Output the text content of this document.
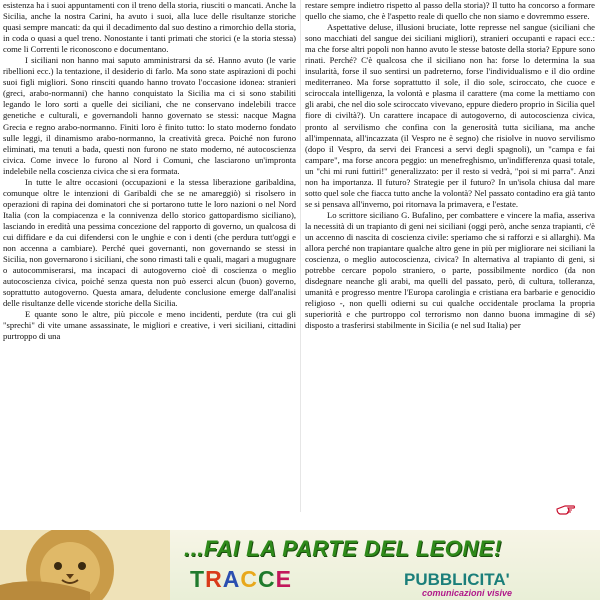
esistenza ha i suoi appuntamenti con il treno della storia, riusciti o mancati. Anche la Sicilia, anche la nostra Carini, ha avuto i suoi, alla luce delle risultanze storiche quasi sempre mancati: da qui il decadimento dal suo destino a rimorchio della storia, in coda o quasi a quel treno. Nonostante i tanti primati che storici (e la storia stessa) come li Correnti le riconoscono e documentano.

I siciliani non hanno mai saputo amministrarsi da sé. Hanno avuto (le varie ribellioni ecc.) la tentazione, il desiderio di farlo. Ma sono state aspirazioni di pochi suoi figli migliori. Sono rinsciti quando hanno trovato l'occasione idonea: stranieri (greci, arabo-normanni) che hanno conquistato la Sicilia ma ci si sono stabiliti legando le loro sorti a quelle dei siciliani, che ne conservano indelebili tracce genetiche e culturali, e governandoli hanno governato se stessi: nacque Magna Grecia e regno arabo-normanno. Finiti loro è finito tutto: lo stato moderno fondato sulle leggi, il dinamismo arabo-normanno, la creatività greca. Poiché non furono eliminati, ma tenuti a bada, questi non furono ne stato moderno, né autocoscienza civica. Come invece lo furono al Nord i Comuni, che lasciarono un'impronta indelebile nella coscienza civica che si era formata.

In tutte le altre occasioni (occupazioni e la stessa liberazione garibaldina, comunque oltre le intenzioni di Garibaldi che se ne amareggiò) si risolsero in operazioni di rapina dei dominatori che si portarono tutte le loro nazioni o nel Nord Italia (con la compiacenza e la connivenza dello storico gattopardismo siciliano), lasciando in eredità una pessima concezione del rapporto di governo, un qualcosa di cui diffidare e da cui difendersi con le unghie e con i denti (che perdura tutt'oggi e non accenna a cambiare). Perché quei governanti, non governando se stessi in Sicilia, non governarono i siciliani, che sono rimasti tali e quali, magari a mugugnare o autocommiserarsi, ma incapaci di autogoverno cioè di coscienza o meglio autocoscienza civica, poiché senza questa non può esserci alcun (buon) governo, soprattutto autogoverno. Questa amara, deludente conclusione emerge dall'analisi delle risultanze delle vicende storiche della Sicilia.

E quante sono le altre, più piccole e meno incidenti, perdute (tra cui gli "sprechi" di vite umane assassinate, le migliori e creative, i veri siciliani, cittadini purtroppo di una

restare sempre indietro rispetto al passo della storia)? Il tutto ha concorso a formare quello che siamo, che è l'aspetto reale di quello che non siamo e dovremmo essere.

Aspettative deluse, illusioni bruciate, lotte represse nel sangue (siciliani che sono macchiati del sangue dei siciliani migliori), stranieri occupanti e rapaci ecc.: ma che forse altri popoli non hanno avuto le stesse batoste della storia? Eppure sono rinati. Perché? C'è qualcosa che il siciliano non ha: forse lo determina la sua insularità, forse il suo sentirsi un padreterno, forse l'individualismo e il dio ordine mediterraneo. Ma forse soprattutto il sole, il dio sole, sciroccato, che cuoce e sciroccala intelligenza, la volontà e plasma il carattere (ma come la mettiamo con gli arabi, che nel dio sole sciroccato vivevano, eppure diedero proprio in Sicilia quel fiore di civiltà?). Un carattere incapace di autogoverno, di autocoscienza civica, pronto al servilismo che confina con la generosità tutta siciliana, ma anche all'impennata, all'incazzata (il Vespro ne è segno) che risiolve in nuovo servilismo (dopo il Vespro, da servi dei Francesi a servi degli spagnoli), un "campa e fai campare", ma forse ancora peggio: un menefreghismo, un'indifferenza quasi totale, un "chi mi runi futtiri!" generalizzato: per il resto si vedrà, "poi si mi parra". Anzi non ha importanza. Il futuro? Strategie per il futuro? In un'isola chiusa dal mare sotto quel sole che fiacca tutto anche la volontà? Nel passato contadino era già tanto se si pensava all'inverno, poi ritornava la primavera, e l'estate.

Lo scrittore siciliano G. Bufalino, per combattere e vincere la mafia, asseriva la necessità di un trapianto di geni nei siciliani (oggi però, anche senza trapianti, c'è un accenno di nascita di coscienza civile: speriamo che si rafforzi e si allarghi). Ma allora perché non trapiantare qualche altro gene in più per migliorare nei siciliani la coscienza, o meglio autocoscienza, civica? In alternativa al trapianto di geni, si potrebbe cercare popolo straniero, o parte, possibilmente nordico (da non disdegnare neanche gli arabi, ma quelli del passato, però, di cultura, tolleranza, umanità e progresso mentre l'Europa carolingia e cristiana era barbarie e genocidio religioso -, non quelli odierni su cui qualche occidentale proclama la propria superiorità e che purtroppo col terrorismo non danno buona immagine di sé) disposto a trasferirsi stabilmente in Sicilia (e nel sud Italia) per

...FAI LA PARTE DEL LEONE!
TRACCE	PUBBLICITA'
comunicazioni visive
